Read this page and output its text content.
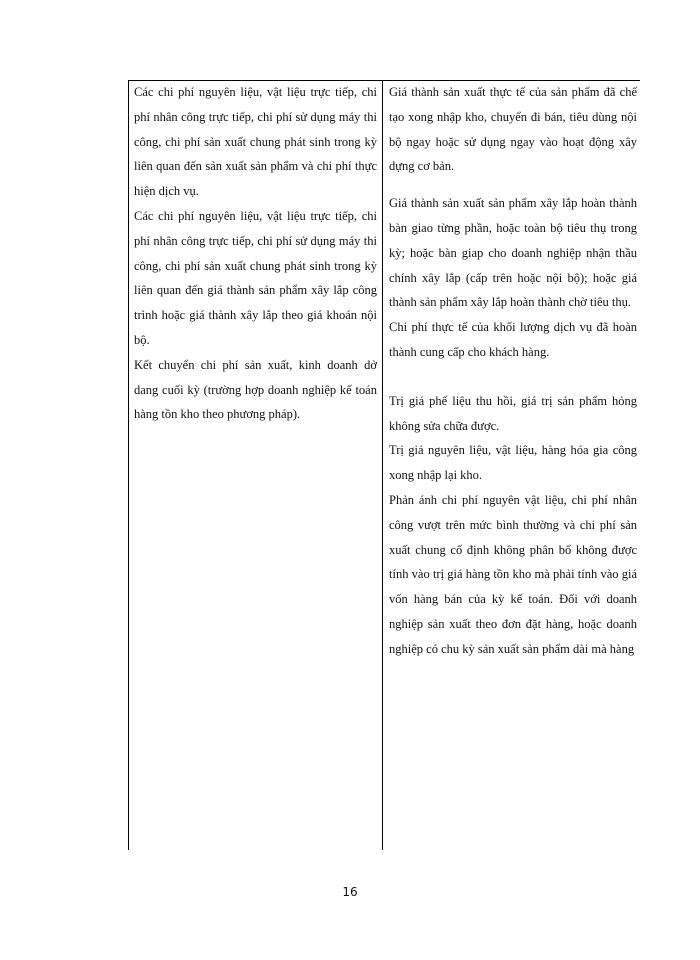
Các chi phí nguyên liệu, vật liệu trực tiếp, chi phí nhân công trực tiếp, chi phí sử dụng máy thi công, chi phí sản xuất chung phát sinh trong kỳ liên quan đến sản xuất sản phẩm và chi phí thực hiện dịch vụ.

Các chi phí nguyên liệu, vật liệu trực tiếp, chi phí nhân công trực tiếp, chi phí sử dụng máy thi công, chi phí sản xuất chung phát sinh trong kỳ liên quan đến giá thành sản phẩm xây lắp công trình hoặc giá thành xây lắp theo giá khoán nội bộ.

Kết chuyển chi phí sản xuất, kinh doanh dở dang cuối kỳ (trường hợp doanh nghiệp kế toán hàng tồn kho theo phương pháp).

Giá thành sản xuất thực tế của sản phẩm đã chế tạo xong nhập kho, chuyển đi bán, tiêu dùng nội bộ ngay hoặc sử dụng ngay vào hoạt động xây dựng cơ bản.

Giá thành sản xuất sản phẩm xây lắp hoàn thành bàn giao từng phần, hoặc toàn bộ tiêu thụ trong kỳ; hoặc bàn giap cho doanh nghiệp nhận thầu chính xây lắp (cấp trên hoặc nội bộ); hoặc giá thành sản phẩm xây lắp hoàn thành chờ tiêu thụ.

Chi phí thực tế của khối lượng dịch vụ đã hoàn thành cung cấp cho khách hàng.

Trị giá phế liệu thu hồi, giá trị sản phẩm hỏng không sửa chữa được.

Trị giá nguyên liệu, vật liệu, hàng hóa gia công xong nhập lại kho.

Phản ánh chi phí nguyên vật liệu, chi phí nhân công vượt trên mức bình thường và chi phí sản xuất chung cố định không phân bổ không được tính vào trị giá hàng tồn kho mà phải tính vào giá vốn hàng bán của kỳ kế toán. Đối với doanh nghiệp sản xuất theo đơn đặt hàng, hoặc doanh nghiệp có chu kỳ sản xuất sản phẩm dài mà hàng

16
